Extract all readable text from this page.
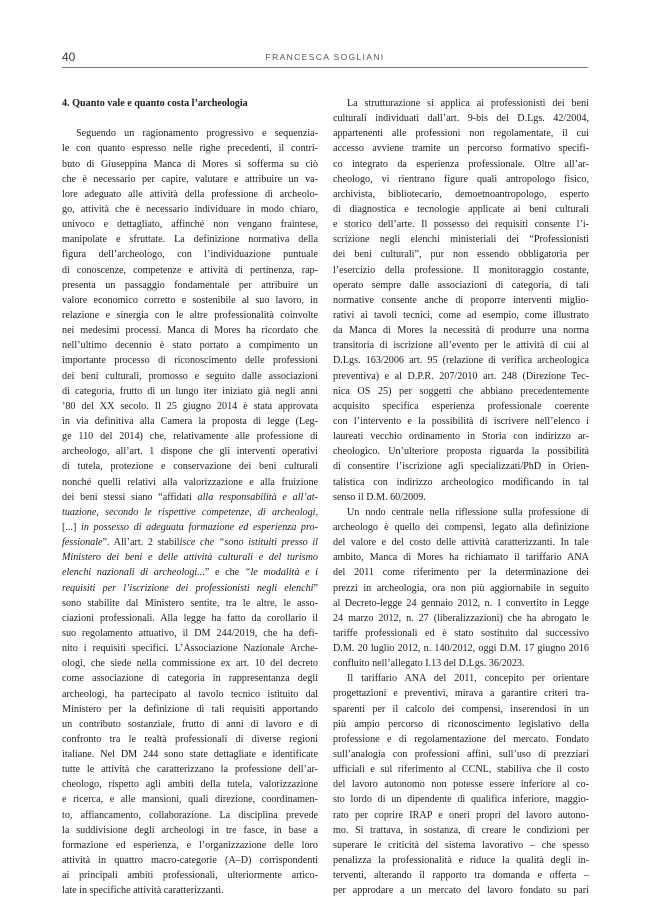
40	FRANCESCA SOGLIANI
4. Quanto vale e quanto costa l’archeologia
Seguendo un ragionamento progressivo e sequenzia-
le con quanto espresso nelle righe precedenti, il contri-
buto di Giuseppina Manca di Mores si sofferma su ciò
che è necessario per capire, valutare e attribuire un va-
lore adeguato alle attività della professione di archeolo-
go, attività che è necessario individuare in modo chiaro,
univoco e dettagliato, affinché non vengano fraintese,
manipolate e sfruttate. La definizione normativa della
figura dell’archeologo, con l’individuazione puntuale
di conoscenze, competenze e attività di pertinenza, rap-
presenta un passaggio fondamentale per attribuire un
valore economico corretto e sostenibile al suo lavoro, in
relazione e sinergia con le altre professionalità coinvolte
nei medesimi processi. Manca di Mores ha ricordato che
nell’ultimo decennio è stato portato a compimento un
importante processo di riconoscimento delle professioni
dei beni culturali, promosso e seguito dalle associazioni
di categoria, frutto di un lungo iter iniziato già negli anni
’80 del XX secolo. Il 25 giugno 2014 è stata approvata
in via definitiva alla Camera la proposta di legge (Leg-
ge 110 del 2014) che, relativamente alle professione di
archeologo, all’art. 1 dispone che gli interventi operativi
di tutela, protezione e conservazione dei beni culturali
nonché quelli relativi alla valorizzazione e alla fruizione
dei beni stessi siano “affidati alla responsabilità e all’at-
tuazione, secondo le rispettive competenze, di archeologi,
[...] in possesso di adeguata formazione ed esperienza pro-
fessionale”. All’art. 2 stabilisce che “sono istituiti presso il
Ministero dei beni e delle attività culturali e del turismo
elenchi nazionali di archeologi...” e che “le modalità e i
requisiti per l’iscrizione dei professionisti negli elenchi”
sono stabilite dal Ministero sentite, tra le altre, le asso-
ciazioni professionali. Alla legge ha fatto da corollario il
suo regolamento attuativo, il DM 244/2019, che ha defi-
nito i requisiti specifici. L’Associazione Nazionale Arche-
ologi, che siede nella commissione ex art. 10 del decreto
come associazione di categoria in rappresentanza degli
archeologi, ha partecipato al tavolo tecnico istituito dal
Ministero per la definizione di tali requisiti apportando
un contributo sostanziale, frutto di anni di lavoro e di
confronto tra le realtà professionali di diverse regioni
italiane. Nel DM 244 sono state dettagliate e identificate
tutte le attività che caratterizzano la professione dell’ar-
cheologo, rispetto agli ambiti della tutela, valorizzazione
e ricerca, e alle mansioni, quali direzione, coordinamen-
to, affiancamento, collaborazione. La disciplina prevede
la suddivisione degli archeologi in tre fasce, in base a
formazione ed esperienza, e l’organizzazione delle loro
attività in quattro macro-categorie (A–D) corrispondenti
ai principali ambiti professionali, ulteriormente artico-
late in specifiche attività caratterizzanti.
La strutturazione si applica ai professionisti dei beni
culturali individuati dall’art. 9-bis del D.Lgs. 42/2004,
appartenenti alle professioni non regolamentate, il cui
accesso avviene tramite un percorso formativo specifi-
co integrato da esperienza professionale. Oltre all’ar-
cheologo, vi rientrano figure quali antropologo fisico,
archivista, bibliotecario, demoetnoantropologo, esperto
di diagnostica e tecnologie applicate ai beni culturali
e storico dell’arte. Il possesso dei requisiti consente l’i-
scrizione negli elenchi ministeriali dei “Professionisti
dei beni culturali”, pur non essendo obbligatoria per
l’esercizio della professione. Il monitoraggio costante,
operato sempre dalle associazioni di categoria, di tali
normative consente anche di proporre interventi miglio-
rativi ai tavoli tecnici, come ad esempio, come illustrato
da Manca di Mores la necessità di produrre una norma
transitoria di iscrizione all’evento per le attività di cui al
D.Lgs. 163/2006 art. 95 (relazione di verifica archeologica
preventiva) e al D.P.R. 207/2010 art. 248 (Direzione Tec-
nica OS 25) per soggetti che abbiano precedentemente
acquisito specifica esperienza professionale coerente
con l’intervento e la possibilità di iscrivere nell’elenco i
laureati vecchio ordinamento in Storia con indirizzo ar-
cheologico. Un’ulteriore proposta riguarda la possibilità
di consentire l’iscrizione agli specializzati/PhD in Orien-
talistica con indirizzo archeologico modificando in tal
senso il D.M. 60/2009.
Un nodo centrale nella riflessione sulla professione di
archeologo è quello dei compensi, legato alla definizione
del valore e del costo delle attività caratterizzanti. In tale
ambito, Manca di Mores ha richiamato il tariffario ANA
del 2011 come riferimento per la determinazione dei
prezzi in archeologia, ora non più aggiornabile in seguito
al Decreto-legge 24 gennaio 2012, n. 1 convertito in Legge
24 marzo 2012, n. 27 (liberalizzazioni) che ha abrogato le
tariffe professionali ed è stato sostituito dal successivo
D.M. 20 luglio 2012, n. 140/2012, oggi D.M. 17 giugno 2016
confluito nell’allegato I.13 del D.Lgs. 36/2023.
Il tariffario ANA del 2011, concepito per orientare
progettazioni e preventivi, mirava a garantire criteri tra-
sparenti per il calcolo dei compensi, inserendosi in un
più ampio percorso di riconoscimento legislativo della
professione e di regolamentazione del mercato. Fondato
sull’analogia con professioni affini, sull’uso di prezziari
ufficiali e sul riferimento al CCNL, stabiliva che il costo
del lavoro autonomo non potesse essere inferiore al co-
sto lordo di un dipendente di qualifica inferiore, maggio-
rato per coprire IRAP e oneri propri del lavoro autono-
mo. Si trattava, in sostanza, di creare le condizioni per
superare le criticità del sistema lavorativo – che spesso
penalizza la professionalità e riduce la qualità degli in-
terventi, alterando il rapporto tra domanda e offerta –
per approdare a un mercato del lavoro fondato su pari
